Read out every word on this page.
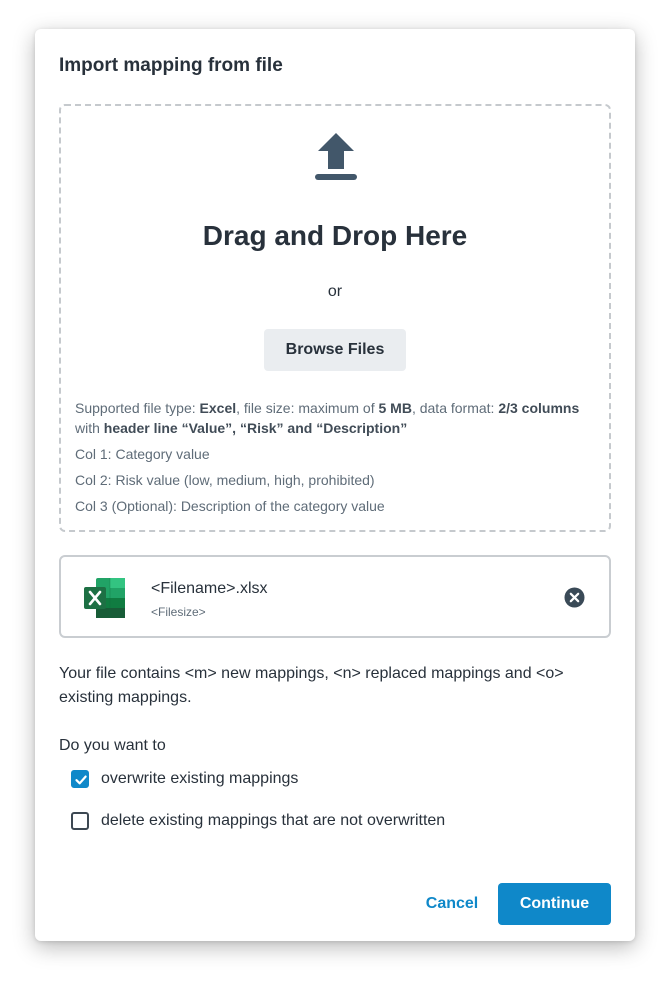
Import mapping from file
Drag and Drop Here
or
Browse Files
Supported file type: Excel, file size: maximum of 5 MB, data format: 2/3 columns with header line “Value”, “Risk” and “Description”
Col 1: Category value
Col 2: Risk value (low, medium, high, prohibited)
Col 3 (Optional): Description of the category value
<Filename>.xlsx
<Filesize>
Your file contains <m> new mappings, <n> replaced mappings and <o> existing mappings.
Do you want to
overwrite existing mappings
delete existing mappings that are not overwritten
Cancel	Continue
